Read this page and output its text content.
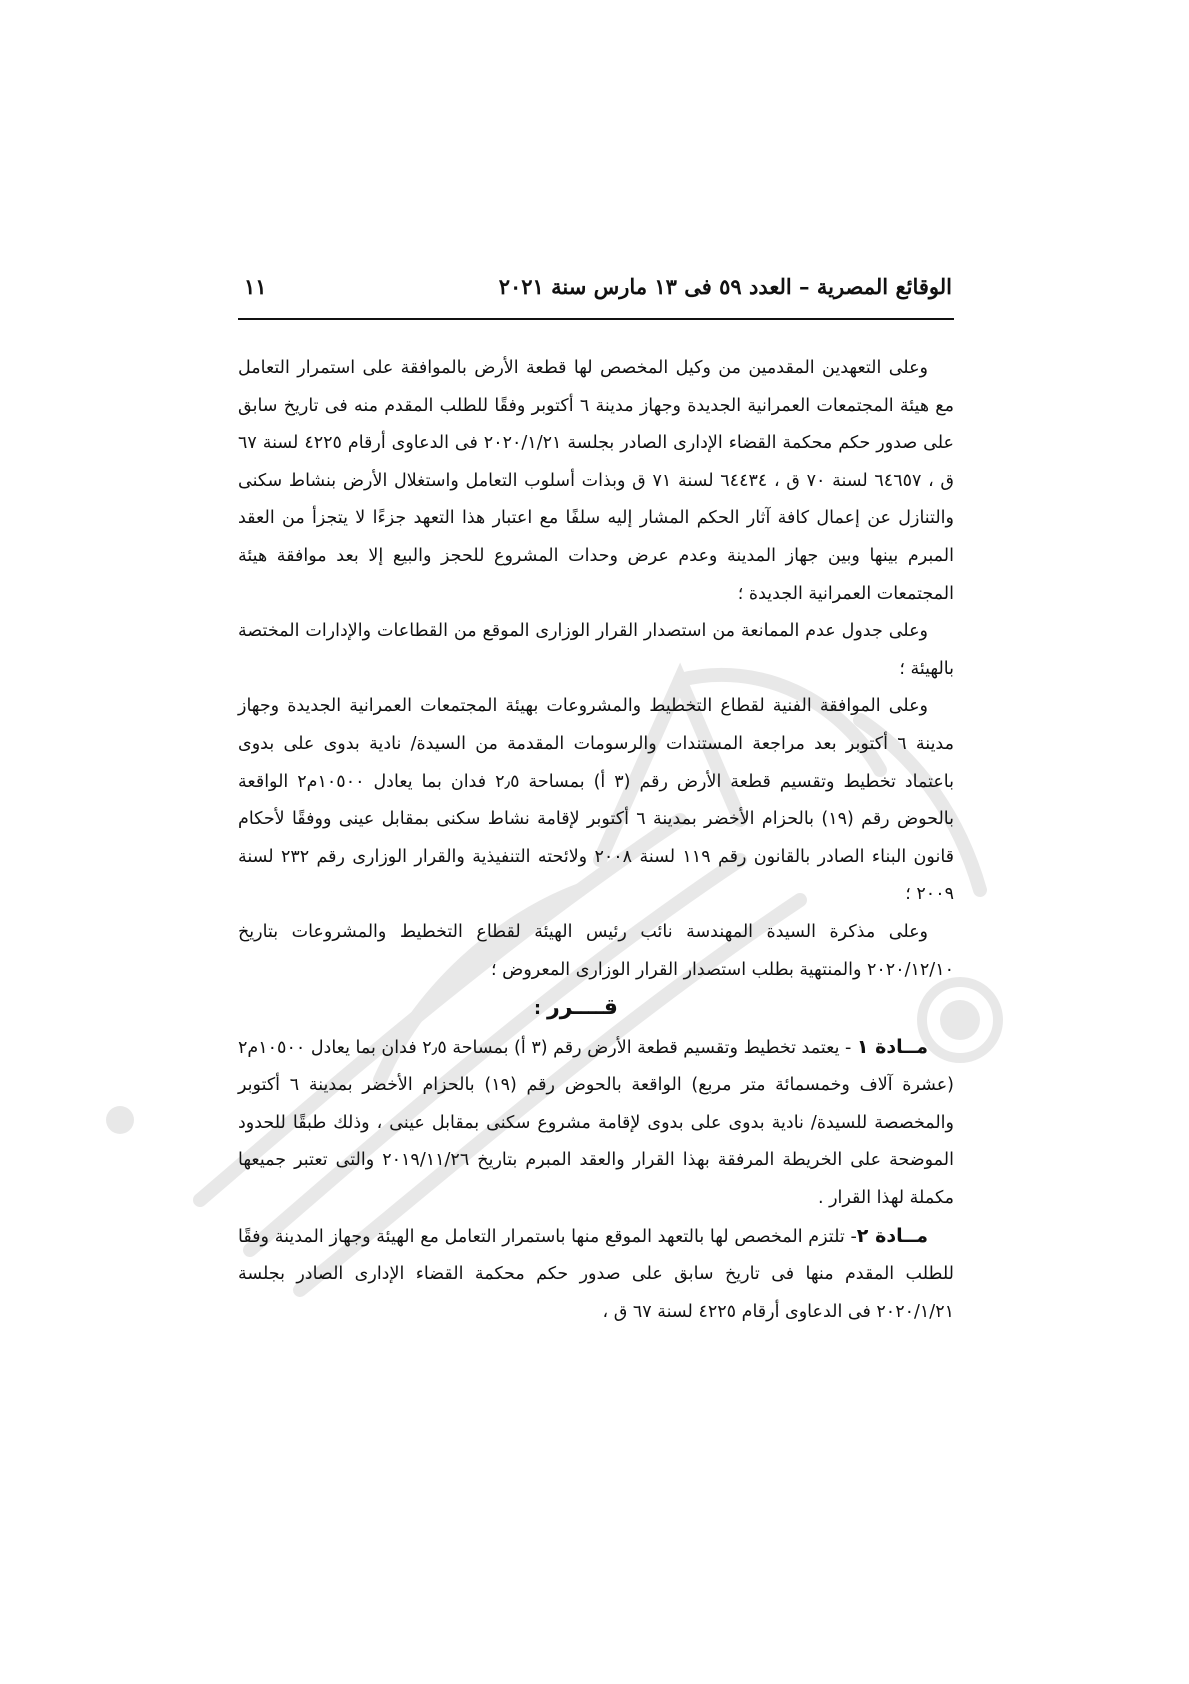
الوقائع المصرية – العدد ٥٩ فى ١٣ مارس سنة ٢٠٢١
١١

وعلى التعهدين المقدمين من وكيل المخصص لها قطعة الأرض بالموافقة على استمرار التعامل مع هيئة المجتمعات العمرانية الجديدة وجهاز مدينة ٦ أكتوبر وفقًا للطلب المقدم منه فى تاريخ سابق على صدور حكم محكمة القضاء الإدارى الصادر بجلسة ٢٠٢٠/١/٢١ فى الدعاوى أرقام ٤٢٢٥ لسنة ٦٧ ق ، ٦٤٦٥٧ لسنة ٧٠ ق ، ٦٤٤٣٤ لسنة ٧١ ق وبذات أسلوب التعامل واستغلال الأرض بنشاط سكنى والتنازل عن إعمال كافة آثار الحكم المشار إليه سلفًا مع اعتبار هذا التعهد جزءًا لا يتجزأ من العقد المبرم بينها وبين جهاز المدينة وعدم عرض وحدات المشروع للحجز والبيع إلا بعد موافقة هيئة المجتمعات العمرانية الجديدة ؛

وعلى جدول عدم الممانعة من استصدار القرار الوزارى الموقع من القطاعات والإدارات المختصة بالهيئة ؛

وعلى الموافقة الفنية لقطاع التخطيط والمشروعات بهيئة المجتمعات العمرانية الجديدة وجهاز مدينة ٦ أكتوبر بعد مراجعة المستندات والرسومات المقدمة من السيدة/ نادية بدوى على بدوى باعتماد تخطيط وتقسيم قطعة الأرض رقم (٣ أ) بمساحة ٢٫٥ فدان بما يعادل ١٠٥٠٠م٢ الواقعة بالحوض رقم (١٩) بالحزام الأخضر بمدينة ٦ أكتوبر لإقامة نشاط سكنى بمقابل عينى ووفقًا لأحكام قانون البناء الصادر بالقانون رقم ١١٩ لسنة ٢٠٠٨ ولائحته التنفيذية والقرار الوزارى رقم ٢٣٢ لسنة ٢٠٠٩ ؛

وعلى مذكرة السيدة المهندسة نائب رئيس الهيئة لقطاع التخطيط والمشروعات بتاريخ ٢٠٢٠/١٢/١٠ والمنتهية بطلب استصدار القرار الوزارى المعروض ؛

قــــرر :

مــادة ١ - يعتمد تخطيط وتقسيم قطعة الأرض رقم (٣ أ) بمساحة ٢٫٥ فدان بما يعادل ١٠٥٠٠م٢ (عشرة آلاف وخمسمائة متر مربع) الواقعة بالحوض رقم (١٩) بالحزام الأخضر بمدينة ٦ أكتوبر والمخصصة للسيدة/ نادية بدوى على بدوى لإقامة مشروع سكنى بمقابل عينى ، وذلك طبقًا للحدود الموضحة على الخريطة المرفقة بهذا القرار والعقد المبرم بتاريخ ٢٠١٩/١١/٢٦ والتى تعتبر جميعها مكملة لهذا القرار .

مــادة ٢- تلتزم المخصص لها بالتعهد الموقع منها باستمرار التعامل مع الهيئة وجهاز المدينة وفقًا للطلب المقدم منها فى تاريخ سابق على صدور حكم محكمة القضاء الإدارى الصادر بجلسة ٢٠٢٠/١/٢١ فى الدعاوى أرقام ٤٢٢٥ لسنة ٦٧ ق ،
